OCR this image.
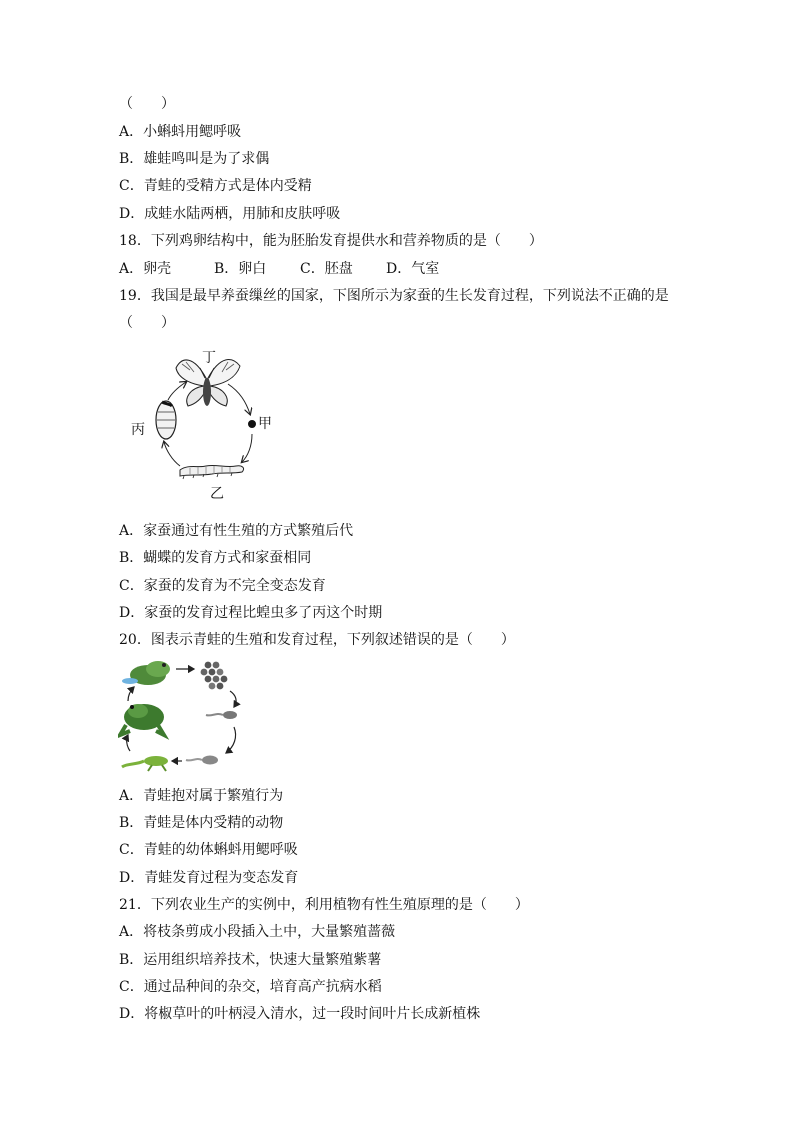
（　　）
A．小蝌蚪用鳃呼吸
B．雄蛙鸣叫是为了求偶
C．青蛙的受精方式是体内受精
D．成蛙水陆两栖，用肺和皮肤呼吸
18．下列鸡卵结构中，能为胚胎发育提供水和营养物质的是（　　）
A．卵壳	B．卵白 C．胚盘 D．气室
19．我国是最早养蚕缫丝的国家，下图所示为家蚕的生长发育过程，下列说法不正确的是
（　　）
丁
甲
乙
丙
A．家蚕通过有性生殖的方式繁殖后代
B．蝴蝶的发育方式和家蚕相同
C．家蚕的发育为不完全变态发育
D．家蚕的发育过程比蝗虫多了丙这个时期
20．图表示青蛙的生殖和发育过程，下列叙述错误的是（　　）
A．青蛙抱对属于繁殖行为
B．青蛙是体内受精的动物
C．青蛙的幼体蝌蚪用鳃呼吸
D．青蛙发育过程为变态发育
21．下列农业生产的实例中，利用植物有性生殖原理的是（　　）
A．将枝条剪成小段插入土中，大量繁殖蔷薇
B．运用组织培养技术，快速大量繁殖紫薯
C．通过品种间的杂交，培育高产抗病水稻
D．将椒草叶的叶柄浸入清水，过一段时间叶片长成新植株
